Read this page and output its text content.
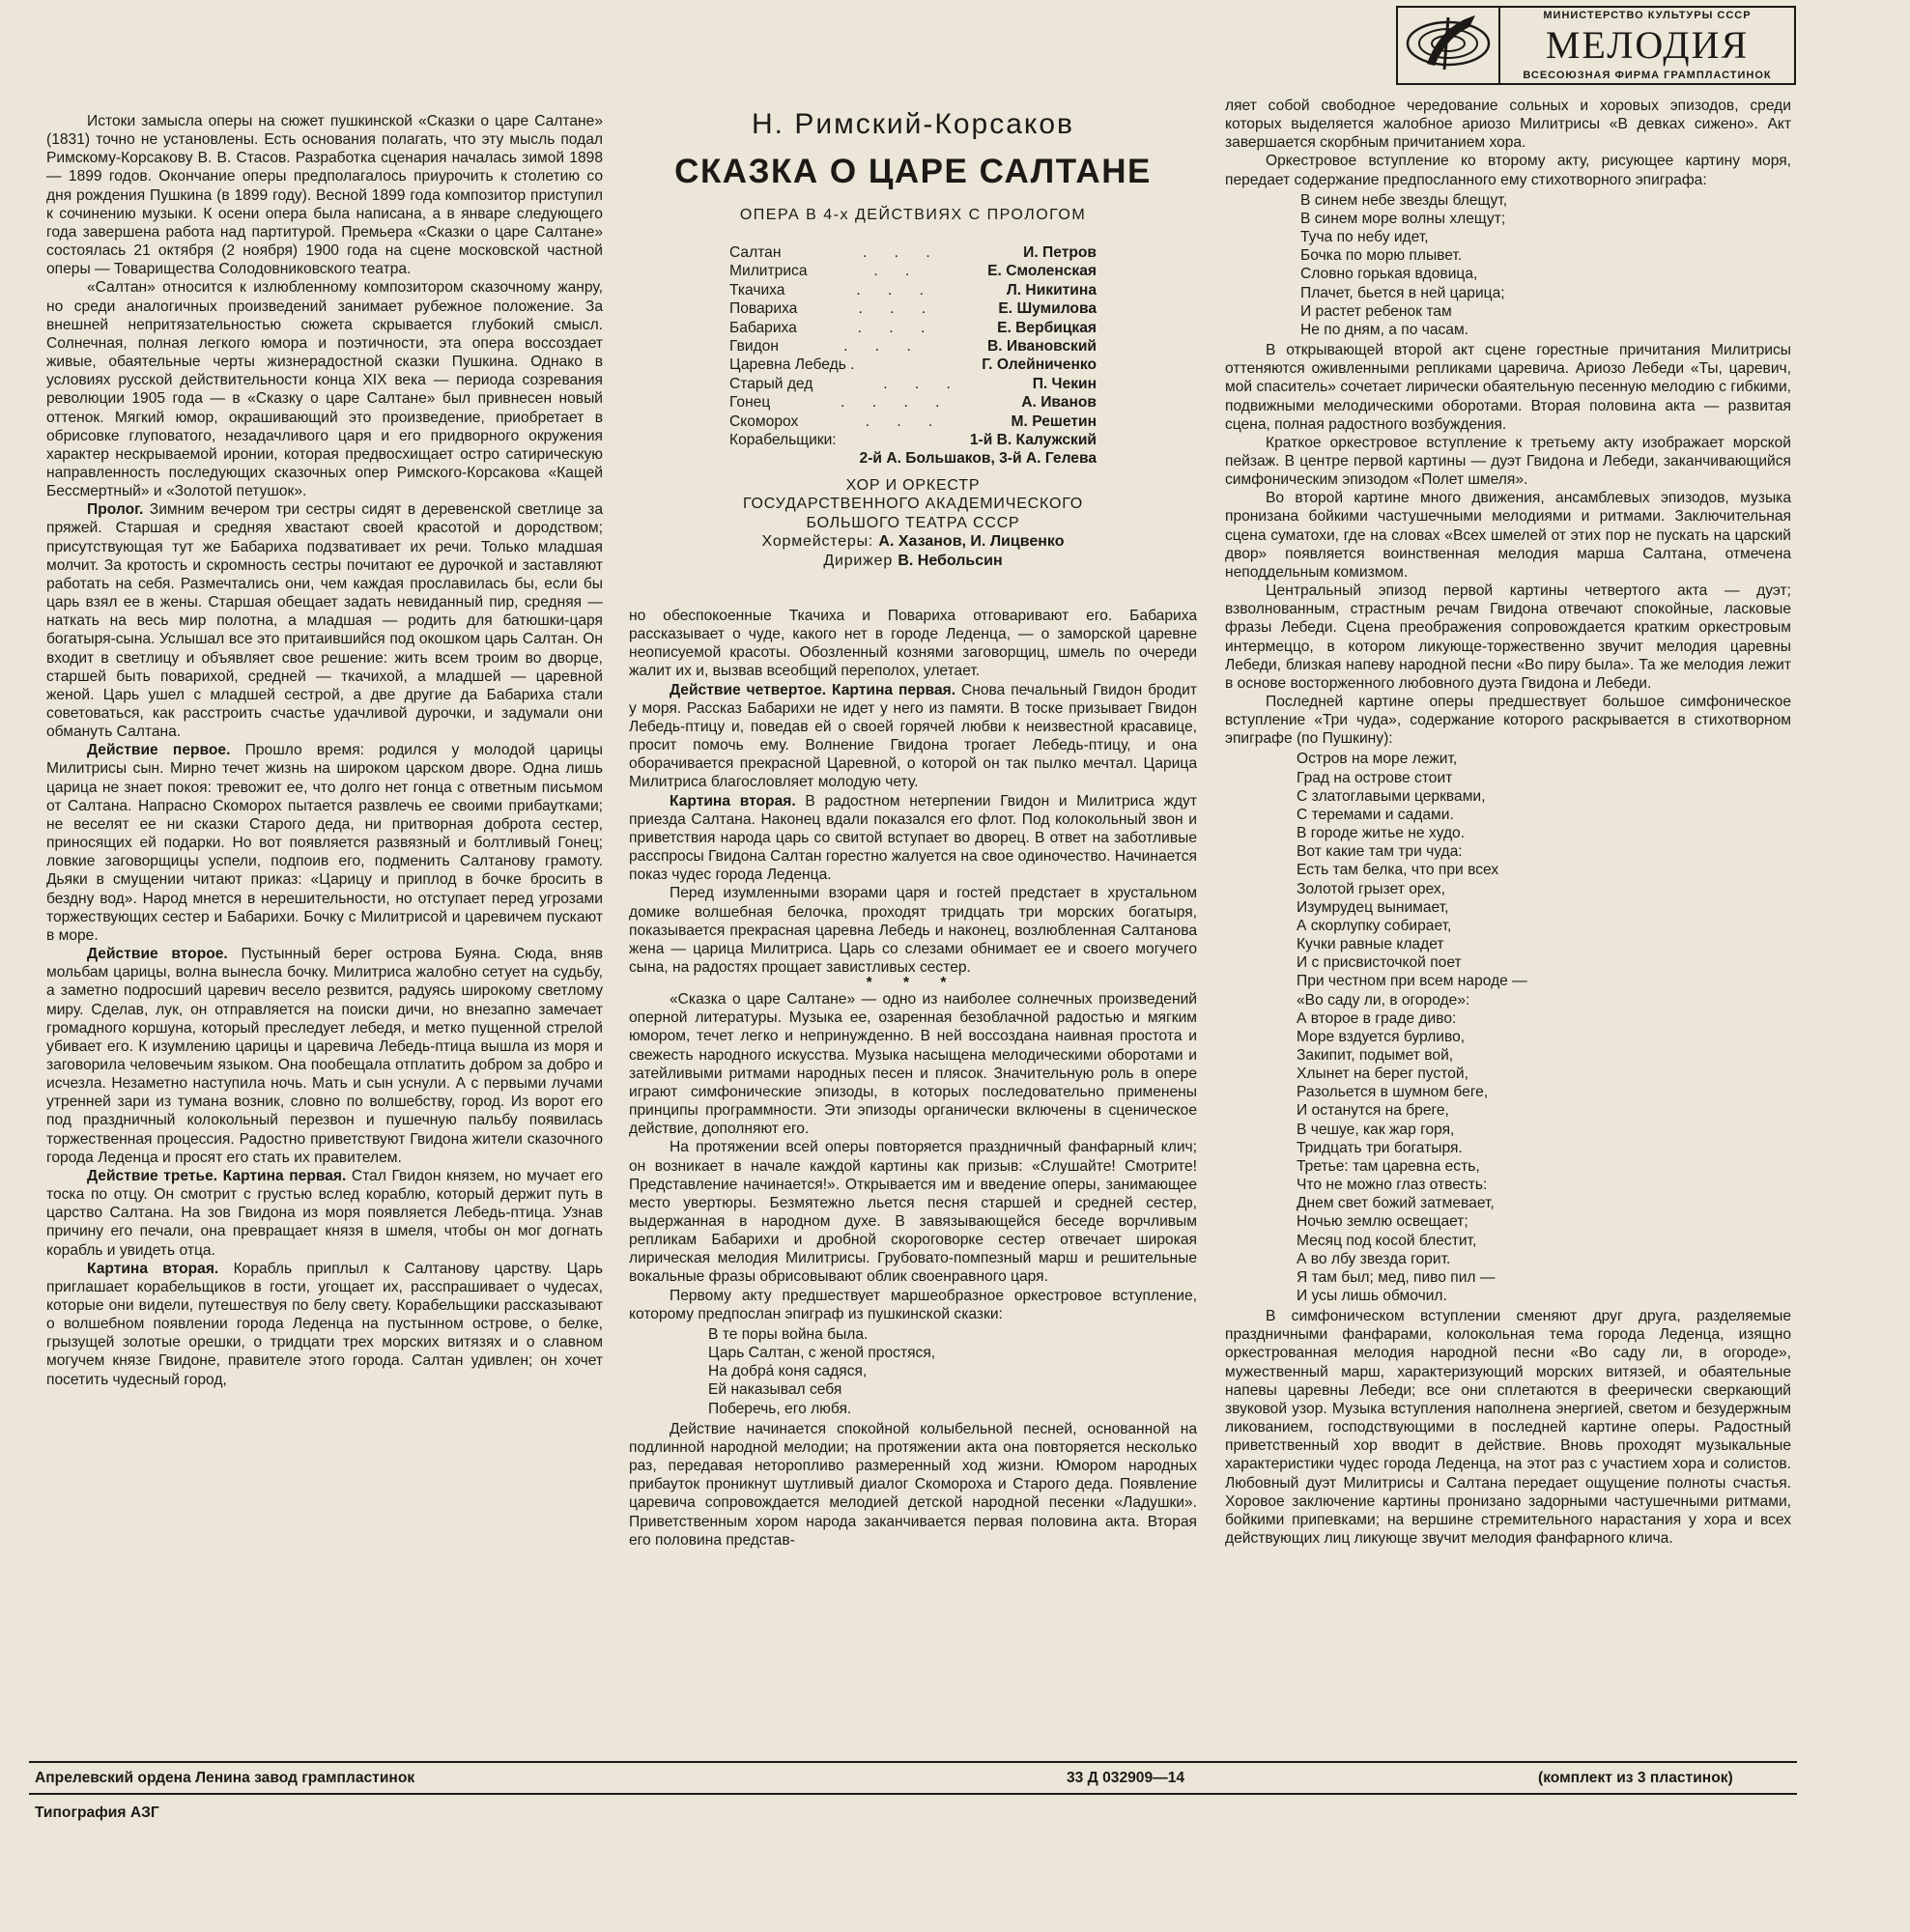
МИНИСТЕРСТВО КУЛЬТУРЫ СССР
МЕЛОДИЯ
ВСЕСОЮЗНАЯ ФИРМА ГРАМПЛАСТИНОК

Истоки замысла оперы на сюжет пушкинской «Сказки о царе Салтане» (1831) точно не установлены. Есть основания полагать, что эту мысль подал Римскому-Корсакову В. В. Стасов. Разработка сценария началась зимой 1898 — 1899 годов. Окончание оперы предполагалось приурочить к столетию со дня рождения Пушкина (в 1899 году). Весной 1899 года композитор приступил к сочинению музыки. К осени опера была написана, а в январе следующего года завершена работа над партитурой. Премьера «Сказки о царе Салтане» состоялась 21 октября (2 ноября) 1900 года на сцене московской частной оперы — Товарищества Солодовниковского театра.

«Салтан» относится к излюбленному композитором сказочному жанру, но среди аналогичных произведений занимает рубежное положение. За внешней непритязательностью сюжета скрывается глубокий смысл. Солнечная, полная легкого юмора и поэтичности, эта опера воссоздает живые, обаятельные черты жизнерадостной сказки Пушкина. Однако в условиях русской действительности конца XIX века — периода созревания революции 1905 года — в «Сказку о царе Салтане» был привнесен новый оттенок. Мягкий юмор, окрашивающий это произведение, приобретает в обрисовке глуповатого, незадачливого царя и его придворного окружения характер нескрываемой иронии, которая предвосхищает остро сатирическую направленность последующих сказочных опер Римского-Корсакова «Кащей Бессмертный» и «Золотой петушок».

Пролог. Зимним вечером три сестры сидят в деревенской светлице за пряжей. Старшая и средняя хвастают своей красотой и дородством; присутствующая тут же Бабариха подзвативает их речи. Только младшая молчит. За кротость и скромность сестры почитают ее дурочкой и заставляют работать на себя. Размечтались они, чем каждая прославилась бы, если бы царь взял ее в жены. Старшая обещает задать невиданный пир, средняя — наткать на весь мир полотна, а младшая — родить для батюшки-царя богатыря-сына. Услышал все это притаившийся под окошком царь Салтан. Он входит в светлицу и объявляет свое решение: жить всем троим во дворце, старшей быть поварихой, средней — ткачихой, а младшей — царевной женой. Царь ушел с младшей сестрой, а две другие да Бабариха стали советоваться, как расстроить счастье удачливой дурочки, и задумали они обмануть Салтана.

Действие первое. Прошло время: родился у молодой царицы Милитрисы сын. Мирно течет жизнь на широком царском дворе. Одна лишь царица не знает покоя: тревожит ее, что долго нет гонца с ответным письмом от Салтана. Напрасно Скоморох пытается развлечь ее своими прибаутками; не веселят ее ни сказки Старого деда, ни притворная доброта сестер, приносящих ей подарки. Но вот появляется развязный и болтливый Гонец; ловкие заговорщицы успели, подпоив его, подменить Салтанову грамоту. Дьяки в смущении читают приказ: «Царицу и приплод в бочке бросить в бездну вод». Народ мнется в нерешительности, но отступает перед угрозами торжествующих сестер и Бабарихи. Бочку с Милитрисой и царевичем пускают в море.

Действие второе. Пустынный берег острова Буяна. Сюда, вняв мольбам царицы, волна вынесла бочку. Милитриса жалобно сетует на судьбу, а заметно подросший царевич весело резвится, радуясь широкому светлому миру. Сделав, лук, он отправляется на поиски дичи, но внезапно замечает громадного коршуна, который преследует лебедя, и метко пущенной стрелой убивает его. К изумлению царицы и царевича Лебедь-птица вышла из моря и заговорила человечьим языком. Она пообещала отплатить добром за добро и исчезла. Незаметно наступила ночь. Мать и сын уснули. А с первыми лучами утренней зари из тумана возник, словно по волшебству, город. Из ворот его под праздничный колокольный перезвон и пушечную пальбу появилась торжественная процессия. Радостно приветствуют Гвидона жители сказочного города Леденца и просят его стать их правителем.

Действие третье. Картина первая. Стал Гвидон князем, но мучает его тоска по отцу. Он смотрит с грустью вслед кораблю, который держит путь в царство Салтана. На зов Гвидона из моря появляется Лебедь-птица. Узнав причину его печали, она превращает князя в шмеля, чтобы он мог догнать корабль и увидеть отца.

Картина вторая. Корабль приплыл к Салтанову царству. Царь приглашает корабельщиков в гости, угощает их, расспрашивает о чудесах, которые они видели, путешествуя по белу свету. Корабельщики рассказывают о волшебном появлении города Леденца на пустынном острове, о белке, грызущей золотые орешки, о тридцати трех морских витязях и о славном могучем князе Гвидоне, правителе этого города. Салтан удивлен; он хочет посетить чудесный город,

Н. Римский-Корсаков
СКАЗКА О ЦАРЕ САЛТАНЕ
ОПЕРА В 4-х ДЕЙСТВИЯХ С ПРОЛОГОМ
Салтан	. . .	И. Петров
Милитриса	. .	Е. Смоленская
Ткачиха	. . .	Л. Никитина
Повариха	. . .	Е. Шумилова
Бабариха	. . .	Е. Вербицкая
Гвидон	. . .	В. Ивановский
Царевна Лебедь .	Г. Олейниченко
Старый дед	. . .	П. Чекин
Гонец	. . . .	А. Иванов
Скоморох	. . .	М. Решетин
Корабельщики:	1-й В. Калужский
2-й А. Большаков, 3-й А. Гелева
ХОР И ОРКЕСТР
ГОСУДАРСТВЕННОГО АКАДЕМИЧЕСКОГО
БОЛЬШОГО ТЕАТРА СССР
Хормейстеры: А. Хазанов, И. Лицвенко
Дирижер В. Небольсин

но обеспокоенные Ткачиха и Повариха отговаривают его. Бабариха рассказывает о чуде, какого нет в городе Леденца, — о заморской царевне неописуемой красоты. Обозленный кознями заговорщиц, шмель по очереди жалит их и, вызвав всеобщий переполох, улетает.

Действие четвертое. Картина первая. Снова печальный Гвидон бродит у моря. Рассказ Бабарихи не идет у него из памяти. В тоске призывает Гвидон Лебедь-птицу и, поведав ей о своей горячей любви к неизвестной красавице, просит помочь ему. Волнение Гвидона трогает Лебедь-птицу, и она оборачивается прекрасной Царевной, о которой он так пылко мечтал. Царица Милитриса благословляет молодую чету.

Картина вторая. В радостном нетерпении Гвидон и Милитриса ждут приезда Салтана. Наконец вдали показался его флот. Под колокольный звон и приветствия народа царь со свитой вступает во дворец. В ответ на заботливые расспросы Гвидона Салтан горестно жалуется на свое одиночество. Начинается показ чудес города Леденца.

Перед изумленными взорами царя и гостей предстает в хрустальном домике волшебная белочка, проходят тридцать три морских богатыря, показывается прекрасная царевна Лебедь и наконец, возлюбленная Салтанова жена — царица Милитриса. Царь со слезами обнимает ее и своего могучего сына, на радостях прощает завистливых сестер.

* * *

«Сказка о царе Салтане» — одно из наиболее солнечных произведений оперной литературы. Музыка ее, озаренная безоблачной радостью и мягким юмором, течет легко и непринужденно. В ней воссоздана наивная простота и свежесть народного искусства. Музыка насыщена мелодическими оборотами и затейливыми ритмами народных песен и плясок. Значительную роль в опере играют симфонические эпизоды, в которых последовательно применены принципы программности. Эти эпизоды органически включены в сценическое действие, дополняют его.

На протяжении всей оперы повторяется праздничный фанфарный клич; он возникает в начале каждой картины как призыв: «Слушайте! Смотрите! Представление начинается!». Открывается им и введение оперы, занимающее место увертюры. Безмятежно льется песня старшей и средней сестер, выдержанная в народном духе. В завязывающейся беседе ворчливым репликам Бабарихи и дробной скороговорке сестер отвечает широкая лирическая мелодия Милитрисы. Грубовато-помпезный марш и решительные вокальные фразы обрисовывают облик своенравного царя.

Первому акту предшествует маршеобразное оркестровое вступление, которому предпослан эпиграф из пушкинской сказки:

В те поры война была.
Царь Салтан, с женой простяся,
На добра́ коня садяся,
Ей наказывал себя
Поберечь, его любя.

Действие начинается спокойной колыбельной песней, основанной на подлинной народной мелодии; на протяжении акта она повторяется несколько раз, передавая неторопливо размеренный ход жизни. Юмором народных прибауток проникнут шутливый диалог Скомороха и Старого деда. Появление царевича сопровождается мелодией детской народной песенки «Ладушки». Приветственным хором народа заканчивается первая половина акта. Вторая его половина представ-

ляет собой свободное чередование сольных и хоровых эпизодов, среди которых выделяется жалобное ариозо Милитрисы «В девках сижено». Акт завершается скорбным причитанием хора.

Оркестровое вступление ко второму акту, рисующее картину моря, передает содержание предпосланного ему стихотворного эпиграфа:

В синем небе звезды блещут,
В синем море волны хлещут;
Туча по небу идет,
Бочка по морю плывет.
Словно горькая вдовица,
Плачет, бьется в ней царица;
И растет ребенок там
Не по дням, а по часам.

В открывающей второй акт сцене горестные причитания Милитрисы оттеняются оживленными репликами царевича. Ариозо Лебеди «Ты, царевич, мой спаситель» сочетает лирически обаятельную песенную мелодию с гибкими, подвижными мелодическими оборотами. Вторая половина акта — развитая сцена, полная радостного возбуждения.

Краткое оркестровое вступление к третьему акту изображает морской пейзаж. В центре первой картины — дуэт Гвидона и Лебеди, заканчивающийся симфоническим эпизодом «Полет шмеля».

Во второй картине много движения, ансамблевых эпизодов, музыка пронизана бойкими частушечными мелодиями и ритмами. Заключительная сцена суматохи, где на словах «Всех шмелей от этих пор не пускать на царский двор» появляется воинственная мелодия марша Салтана, отмечена неподдельным комизмом.

Центральный эпизод первой картины четвертого акта — дуэт; взволнованным, страстным речам Гвидона отвечают спокойные, ласковые фразы Лебеди. Сцена преображения сопровождается кратким оркестровым интермеццо, в котором ликующе-торжественно звучит мелодия царевны Лебеди, близкая напеву народной песни «Во пиру была». Та же мелодия лежит в основе восторженного любовного дуэта Гвидона и Лебеди.

Последней картине оперы предшествует большое симфоническое вступление «Три чуда», содержание которого раскрывается в стихотворном эпиграфе (по Пушкину):

Остров на море лежит,
Град на острове стоит
С златоглавыми церквами,
С теремами и садами.
В городе житье не худо.
Вот какие там три чуда:
Есть там белка, что при всех
Золотой грызет орех,
Изумрудец вынимает,
А скорлупку собирает,
Кучки равные кладет
И с присвисточкой поет
При честном при всем народе —
«Во саду ли, в огороде»:
А второе в граде диво:
Море вздуется бурливо,
Закипит, подымет вой,
Хлынет на берег пустой,
Разольется в шумном беге,
И останутся на бреге,
В чешуе, как жар горя,
Тридцать три богатыря.
Третье: там царевна есть,
Что не можно глаз отвесть:
Днем свет божий затмевает,
Ночью землю освещает;
Месяц под косой блестит,
А во лбу звезда горит.
Я там был; мед, пиво пил —
И усы лишь обмочил.

В симфоническом вступлении сменяют друг друга, разделяемые праздничными фанфарами, колокольная тема города Леденца, изящно оркестрованная мелодия народной песни «Во саду ли, в огороде», мужественный марш, характеризующий морских витязей, и обаятельные напевы царевны Лебеди; все они сплетаются в феерически сверкающий звуковой узор. Музыка вступления наполнена энергией, светом и безудержным ликованием, господствующими в последней картине оперы. Радостный приветственный хор вводит в действие. Вновь проходят музыкальные характеристики чудес города Леденца, на этот раз с участием хора и солистов. Любовный дуэт Милитрисы и Салтана передает ощущение полноты счастья. Хоровое заключение картины пронизано задорными частушечными ритмами, бойкими припевками; на вершине стремительного нарастания у хора и всех действующих лиц ликующе звучит мелодия фанфарного клича.

Апрелевский ордена Ленина завод грампластинок	33 Д 032909—14	(комплект из 3 пластинок)
Типография АЗГ
